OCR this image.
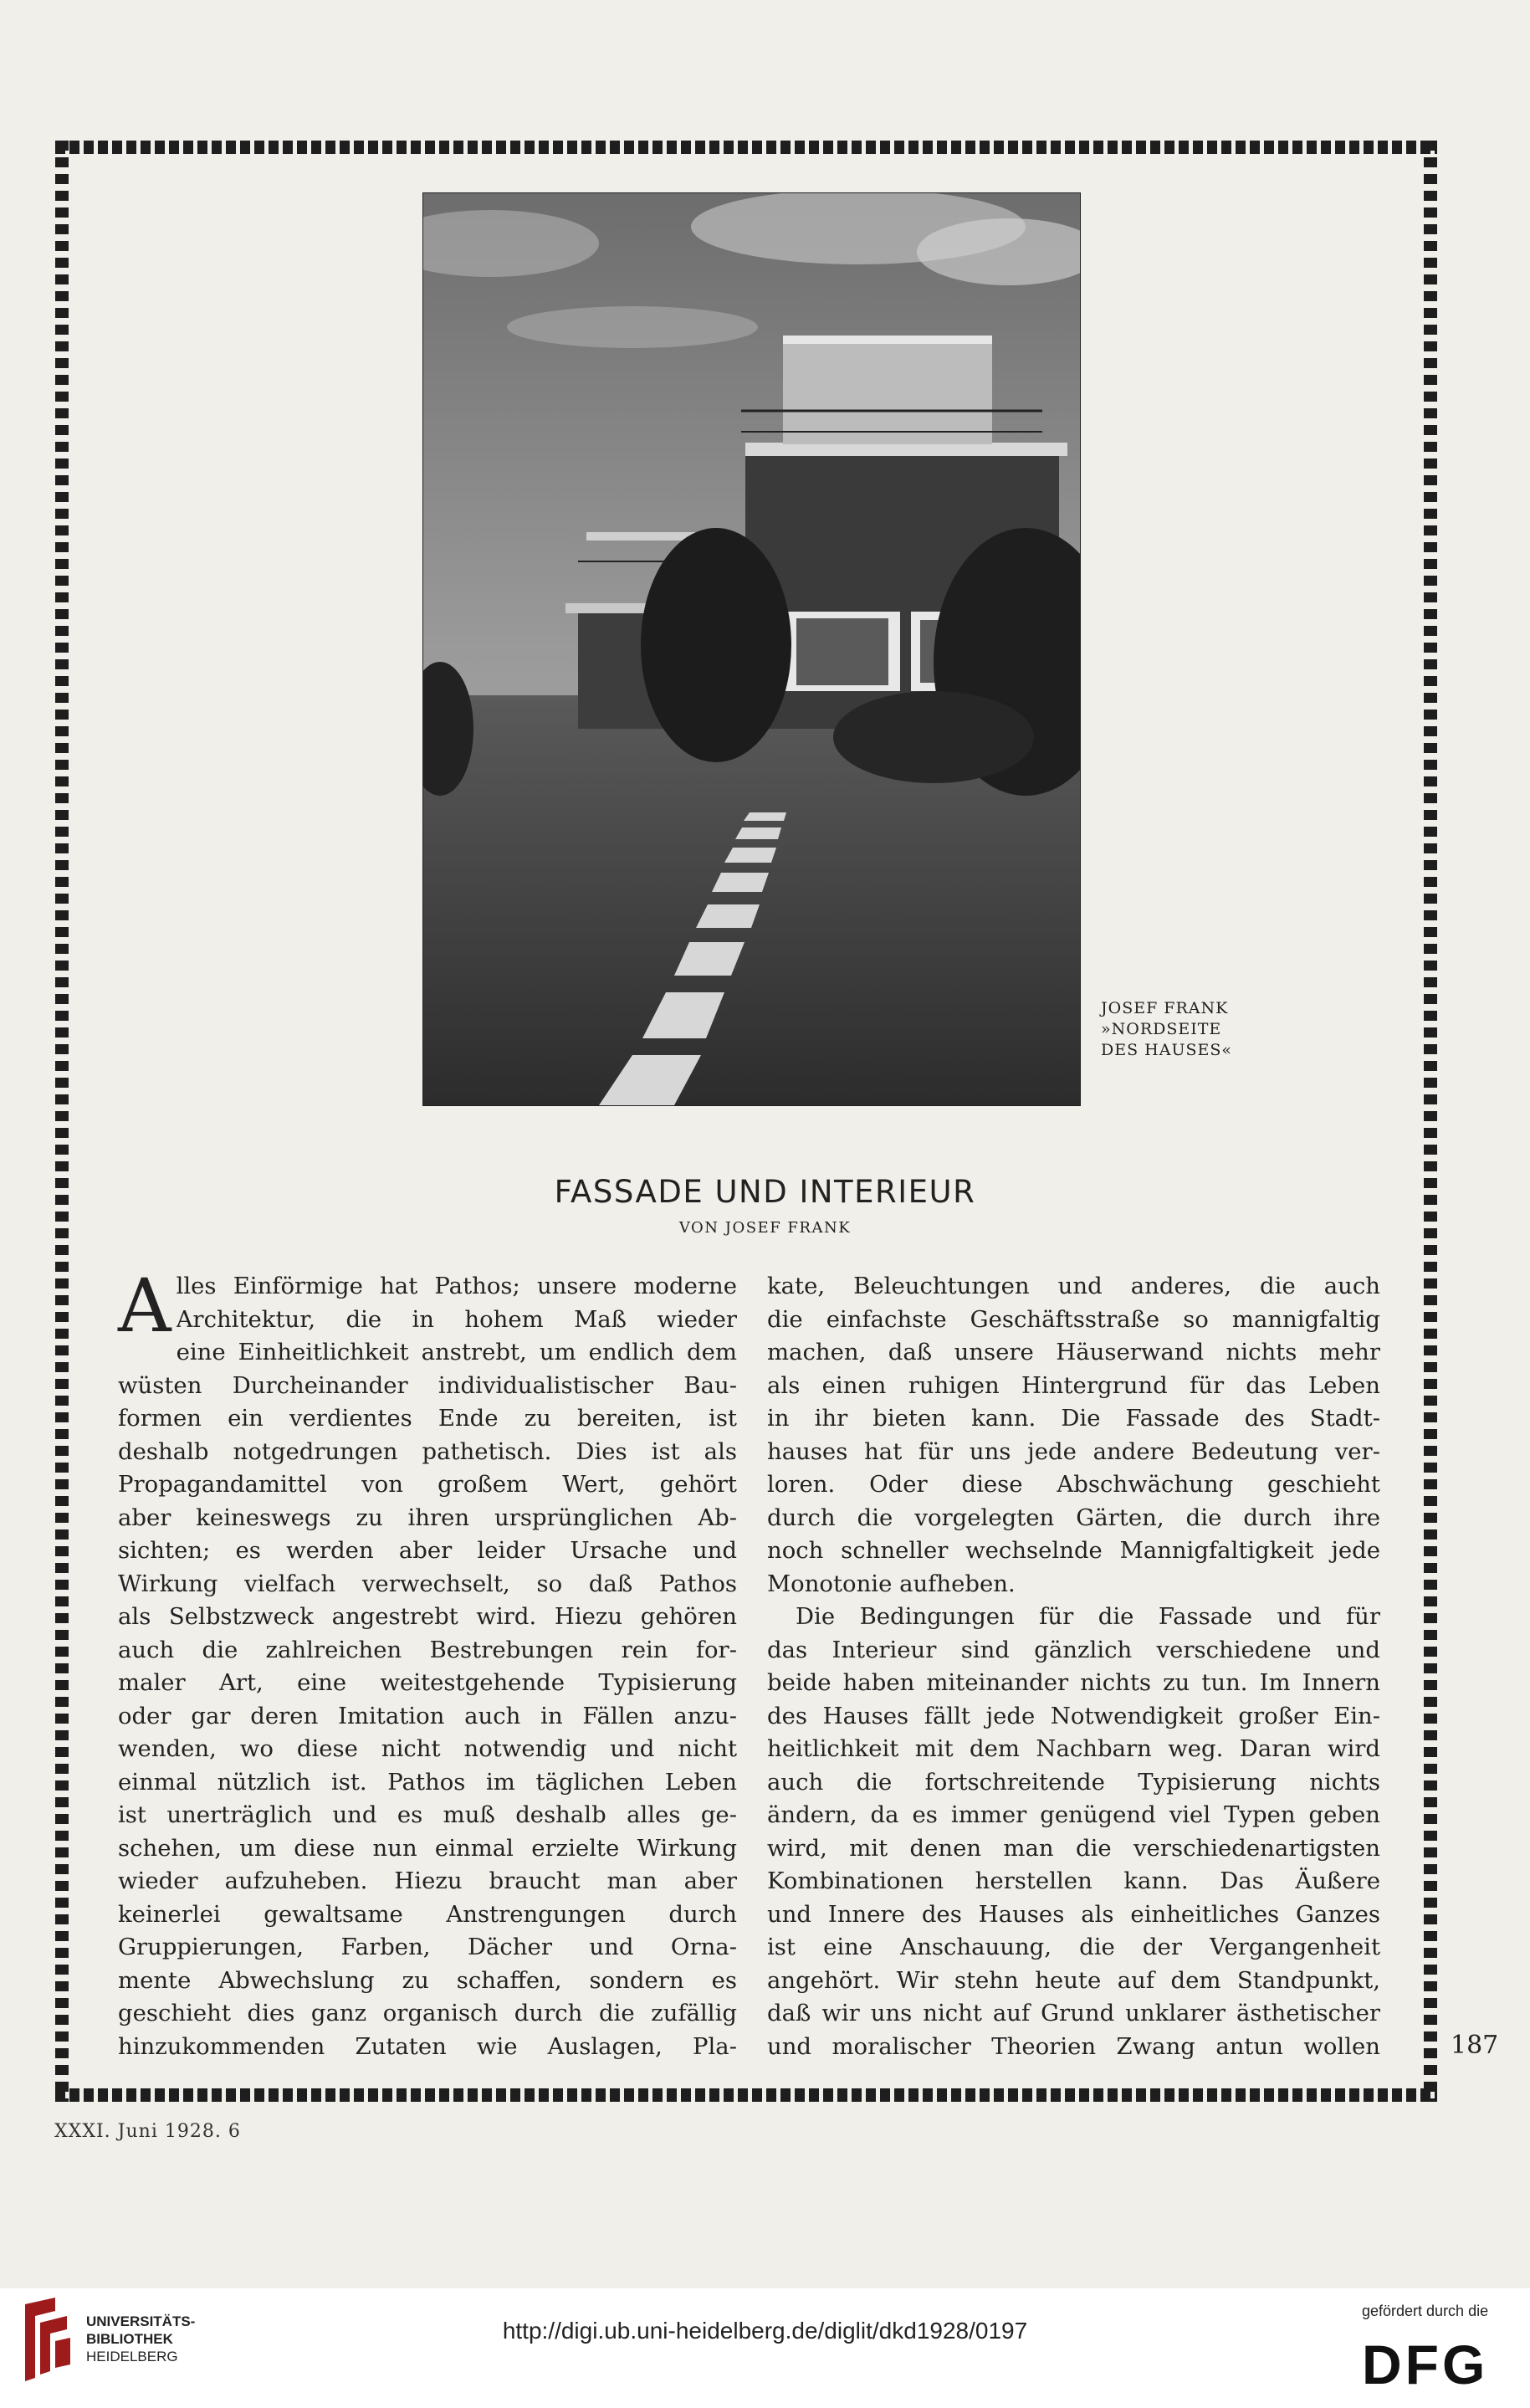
JOSEF FRANK
»NORDSEITE
DES HAUSES«
FASSADE UND INTERIEUR
VON JOSEF FRANK
A lles Einförmige hat Pathos; unsere moderne
Architektur, die in hohem Maß wieder
eine Einheitlichkeit anstrebt, um endlich dem
wüsten Durcheinander individualistischer Bau-
formen ein verdientes Ende zu bereiten, ist
deshalb notgedrungen pathetisch. Dies ist als
Propagandamittel von großem Wert, gehört
aber keineswegs zu ihren ursprünglichen Ab-
sichten; es werden aber leider Ursache und
Wirkung vielfach verwechselt, so daß Pathos
als Selbstzweck angestrebt wird. Hiezu gehören
auch die zahlreichen Bestrebungen rein for-
maler Art, eine weitestgehende Typisierung
oder gar deren Imitation auch in Fällen anzu-
wenden, wo diese nicht notwendig und nicht
einmal nützlich ist. Pathos im täglichen Leben
ist unerträglich und es muß deshalb alles ge-
schehen, um diese nun einmal erzielte Wirkung
wieder aufzuheben. Hiezu braucht man aber
keinerlei gewaltsame Anstrengungen durch
Gruppierungen, Farben, Dächer und Orna-
mente Abwechslung zu schaffen, sondern es
geschieht dies ganz organisch durch die zufällig
hinzukommenden Zutaten wie Auslagen, Pla-
kate, Beleuchtungen und anderes, die auch
die einfachste Geschäftsstraße so mannigfaltig
machen, daß unsere Häuserwand nichts mehr
als einen ruhigen Hintergrund für das Leben
in ihr bieten kann. Die Fassade des Stadt-
hauses hat für uns jede andere Bedeutung ver-
loren. Oder diese Abschwächung geschieht
durch die vorgelegten Gärten, die durch ihre
noch schneller wechselnde Mannigfaltigkeit jede
Monotonie aufheben.
Die Bedingungen für die Fassade und für
das Interieur sind gänzlich verschiedene und
beide haben miteinander nichts zu tun. Im Innern
des Hauses fällt jede Notwendigkeit großer Ein-
heitlichkeit mit dem Nachbarn weg. Daran wird
auch die fortschreitende Typisierung nichts
ändern, da es immer genügend viel Typen geben
wird, mit denen man die verschiedenartigsten
Kombinationen herstellen kann. Das Äußere
und Innere des Hauses als einheitliches Ganzes
ist eine Anschauung, die der Vergangenheit
angehört. Wir stehn heute auf dem Standpunkt,
daß wir uns nicht auf Grund unklarer ästhetischer
und moralischer Theorien Zwang antun wollen	187
XXXI. Juni 1928. 6
UNIVERSITÄTS-
BIBLIOTHEK
HEIDELBERG
http://digi.ub.uni-heidelberg.de/diglit/dkd1928/0197
gefördert durch die
DFG
